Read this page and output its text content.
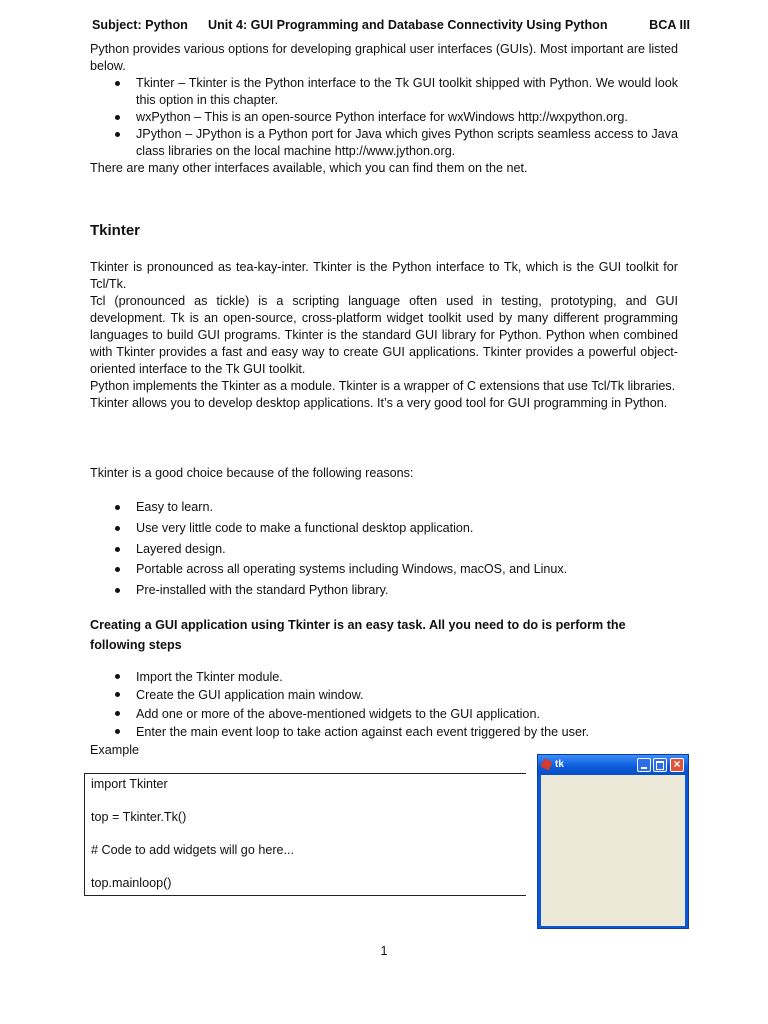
Subject: Python Unit 4: GUI Programming and Database Connectivity Using Python	BCA III

Python provides various options for developing graphical user interfaces (GUIs). Most important are listed below.

Tkinter – Tkinter is the Python interface to the Tk GUI toolkit shipped with Python. We would look this option in this chapter.
wxPython – This is an open-source Python interface for wxWindows http://wxpython.org.
JPython – JPython is a Python port for Java which gives Python scripts seamless access to Java class libraries on the local machine http://www.jython.org.

There are many other interfaces available, which you can find them on the net.

Tkinter

Tkinter is pronounced as tea-kay-inter. Tkinter is the Python interface to Tk, which is the GUI toolkit for Tcl/Tk.

Tcl (pronounced as tickle) is a scripting language often used in testing, prototyping, and GUI development. Tk is an open-source, cross-platform widget toolkit used by many different programming languages to build GUI programs. Tkinter is the standard GUI library for Python. Python when combined with Tkinter provides a fast and easy way to create GUI applications. Tkinter provides a powerful object-oriented interface to the Tk GUI toolkit.

Python implements the Tkinter as a module. Tkinter is a wrapper of C extensions that use Tcl/Tk libraries.

Tkinter allows you to develop desktop applications. It’s a very good tool for GUI programming in Python.

Tkinter is a good choice because of the following reasons:
Easy to learn.
Use very little code to make a functional desktop application.
Layered design.
Portable across all operating systems including Windows, macOS, and Linux.
Pre-installed with the standard Python library.
Creating a GUI application using Tkinter is an easy task. All you need to do is perform the following steps
Import the Tkinter module.
Create the GUI application main window.
Add one or more of the above-mentioned widgets to the GUI application.
Enter the main event loop to take action against each event triggered by the user.

Example

import Tkinter
top = Tkinter.Tk()
# Code to add widgets will go here...
top.mainloop()
tk
×
1
